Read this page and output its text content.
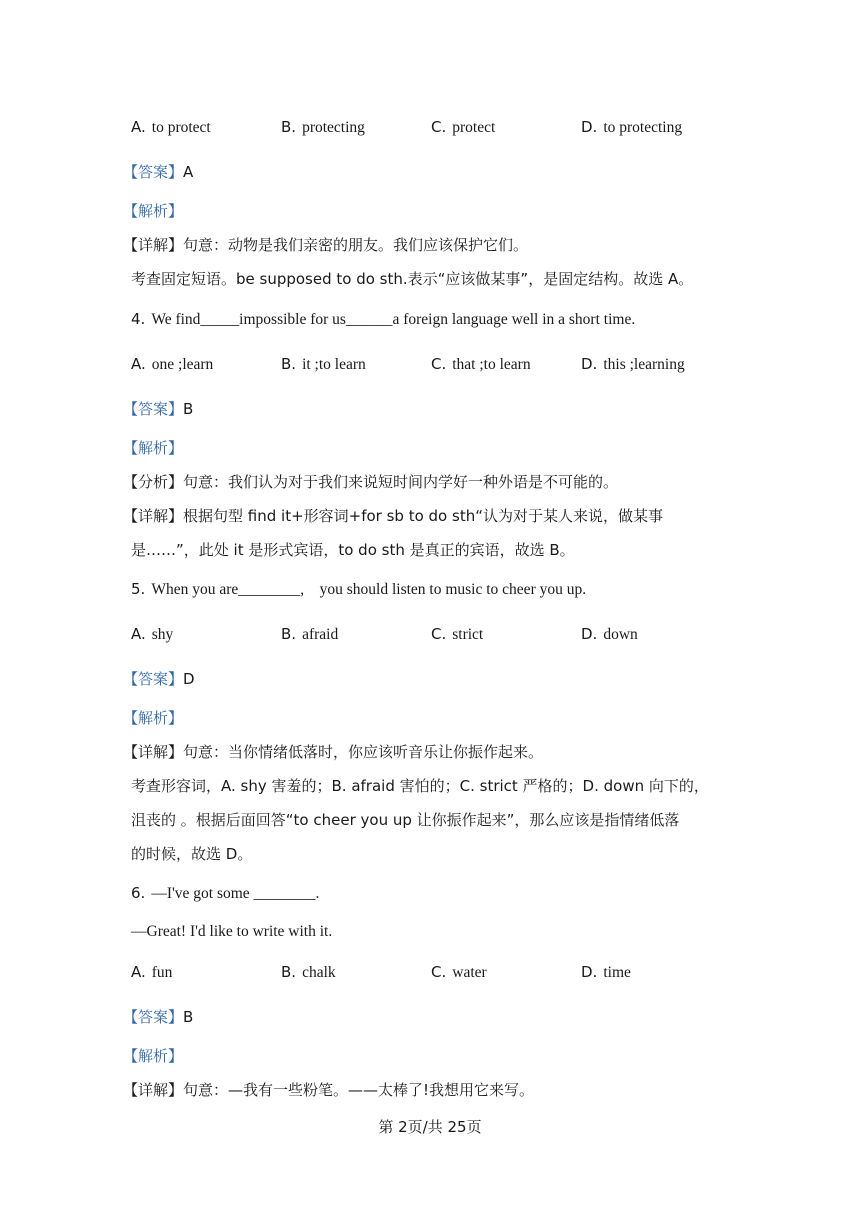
A. to protect	B. protecting	C. protect	D. to protecting
【答案】A
【解析】
【详解】句意：动物是我们亲密的朋友。我们应该保护它们。
考查固定短语。be supposed to do sth.表示“应该做某事”，是固定结构。故选 A。
4. We find_____impossible for us______a foreign language well in a short time.
A. one ;learn	B. it ;to learn	C. that ;to learn	D. this ;learning
【答案】B
【解析】
【分析】句意：我们认为对于我们来说短时间内学好一种外语是不可能的。
【详解】根据句型 find it+形容词+for sb to do sth“认为对于某人来说，做某事
是……”，此处 it 是形式宾语，to do sth 是真正的宾语，故选 B。
5. When you are________,    you should listen to music to cheer you up.
A. shy	B. afraid	C. strict	D. down
【答案】D
【解析】
【详解】句意：当你情绪低落时，你应该听音乐让你振作起来。
考查形容词，A. shy 害羞的；B. afraid 害怕的；C. strict 严格的；D. down 向下的，
沮丧的 。根据后面回答“to cheer you up 让你振作起来”，那么应该是指情绪低落
的时候，故选 D。
6. —I've got some ________.
—Great! I'd like to write with it.
A. fun	B. chalk	C. water	D. time
【答案】B
【解析】
【详解】句意：—我有一些粉笔。——太棒了!我想用它来写。
第 2页/共 25页
